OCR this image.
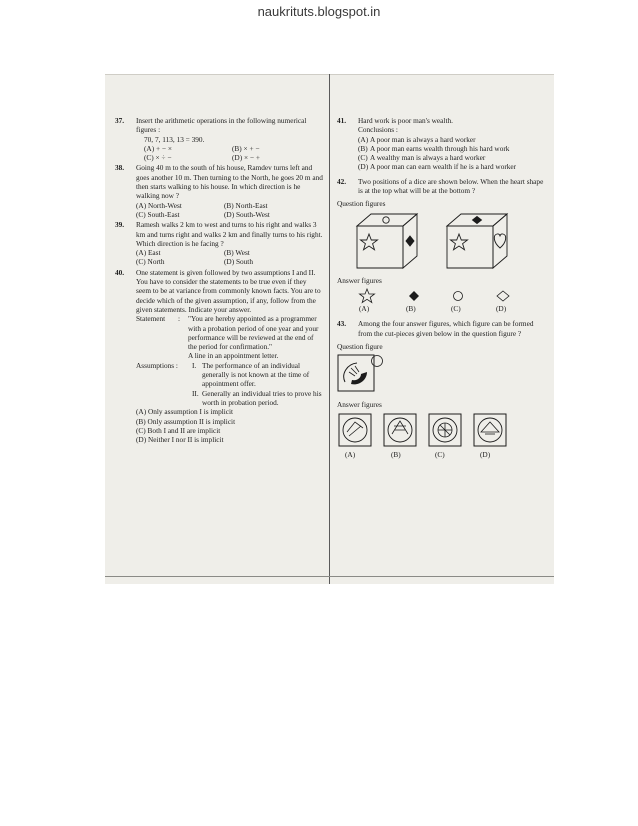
naukrituts.blogspot.in
37. Insert the arithmetic operations in the following numerical figures :
70, 7, 113, 13 = 390.
(A) + − ×	(B) × + −
(C) × ÷ −	(D) × − +
38. Going 40 m to the south of his house, Ramdev turns left and goes another 10 m. Then turning to the North, he goes 20 m and then starts walking to his house. In which direction is he walking now ?
(A) North-West	(B) North-East
(C) South-East	(D) South-West
39. Ramesh walks 2 km to west and turns to his right and walks 3 km and turns right and walks 2 km and finally turns to his right. Which direction is he facing ?
(A) East	(B) West
(C) North	(D) South
40. One statement is given followed by two assumptions I and II. You have to consider the statements to be true even if they seem to be at variance from commonly known facts. You are to decide which of the given assumption, if any, follow from the given statements. Indicate your answer.
Statement	:	"You are hereby appointed as a programmer with a probation period of one year and your performance will be reviewed at the end of the period for confirmation."
A line in an appointment letter.
Assumptions :	I. The performance of an individual generally is not known at the time of appointment offer.
II. Generally an individual tries to prove his worth in probation period.
(A) Only assumption I is implicit
(B) Only assumption II is implicit
(C) Both I and II are implicit
(D) Neither I nor II is implicit
41. Hard work is poor man's wealth.
Conclusions :
(A) A poor man is always a hard worker
(B) A poor man earns wealth through his hard work
(C) A wealthy man is always a hard worker
(D) A poor man can earn wealth if he is a hard worker
42. Two positions of a dice are shown below. When the heart shape is at the top what will be at the bottom ?
Question figures
Answer figures
(A)	(B)	(C)	(D)
43. Among the four answer figures, which figure can be formed from the cut-pieces given below in the question figure ?
Question figure
Answer figures
(A)	(B)	(C)	(D)
